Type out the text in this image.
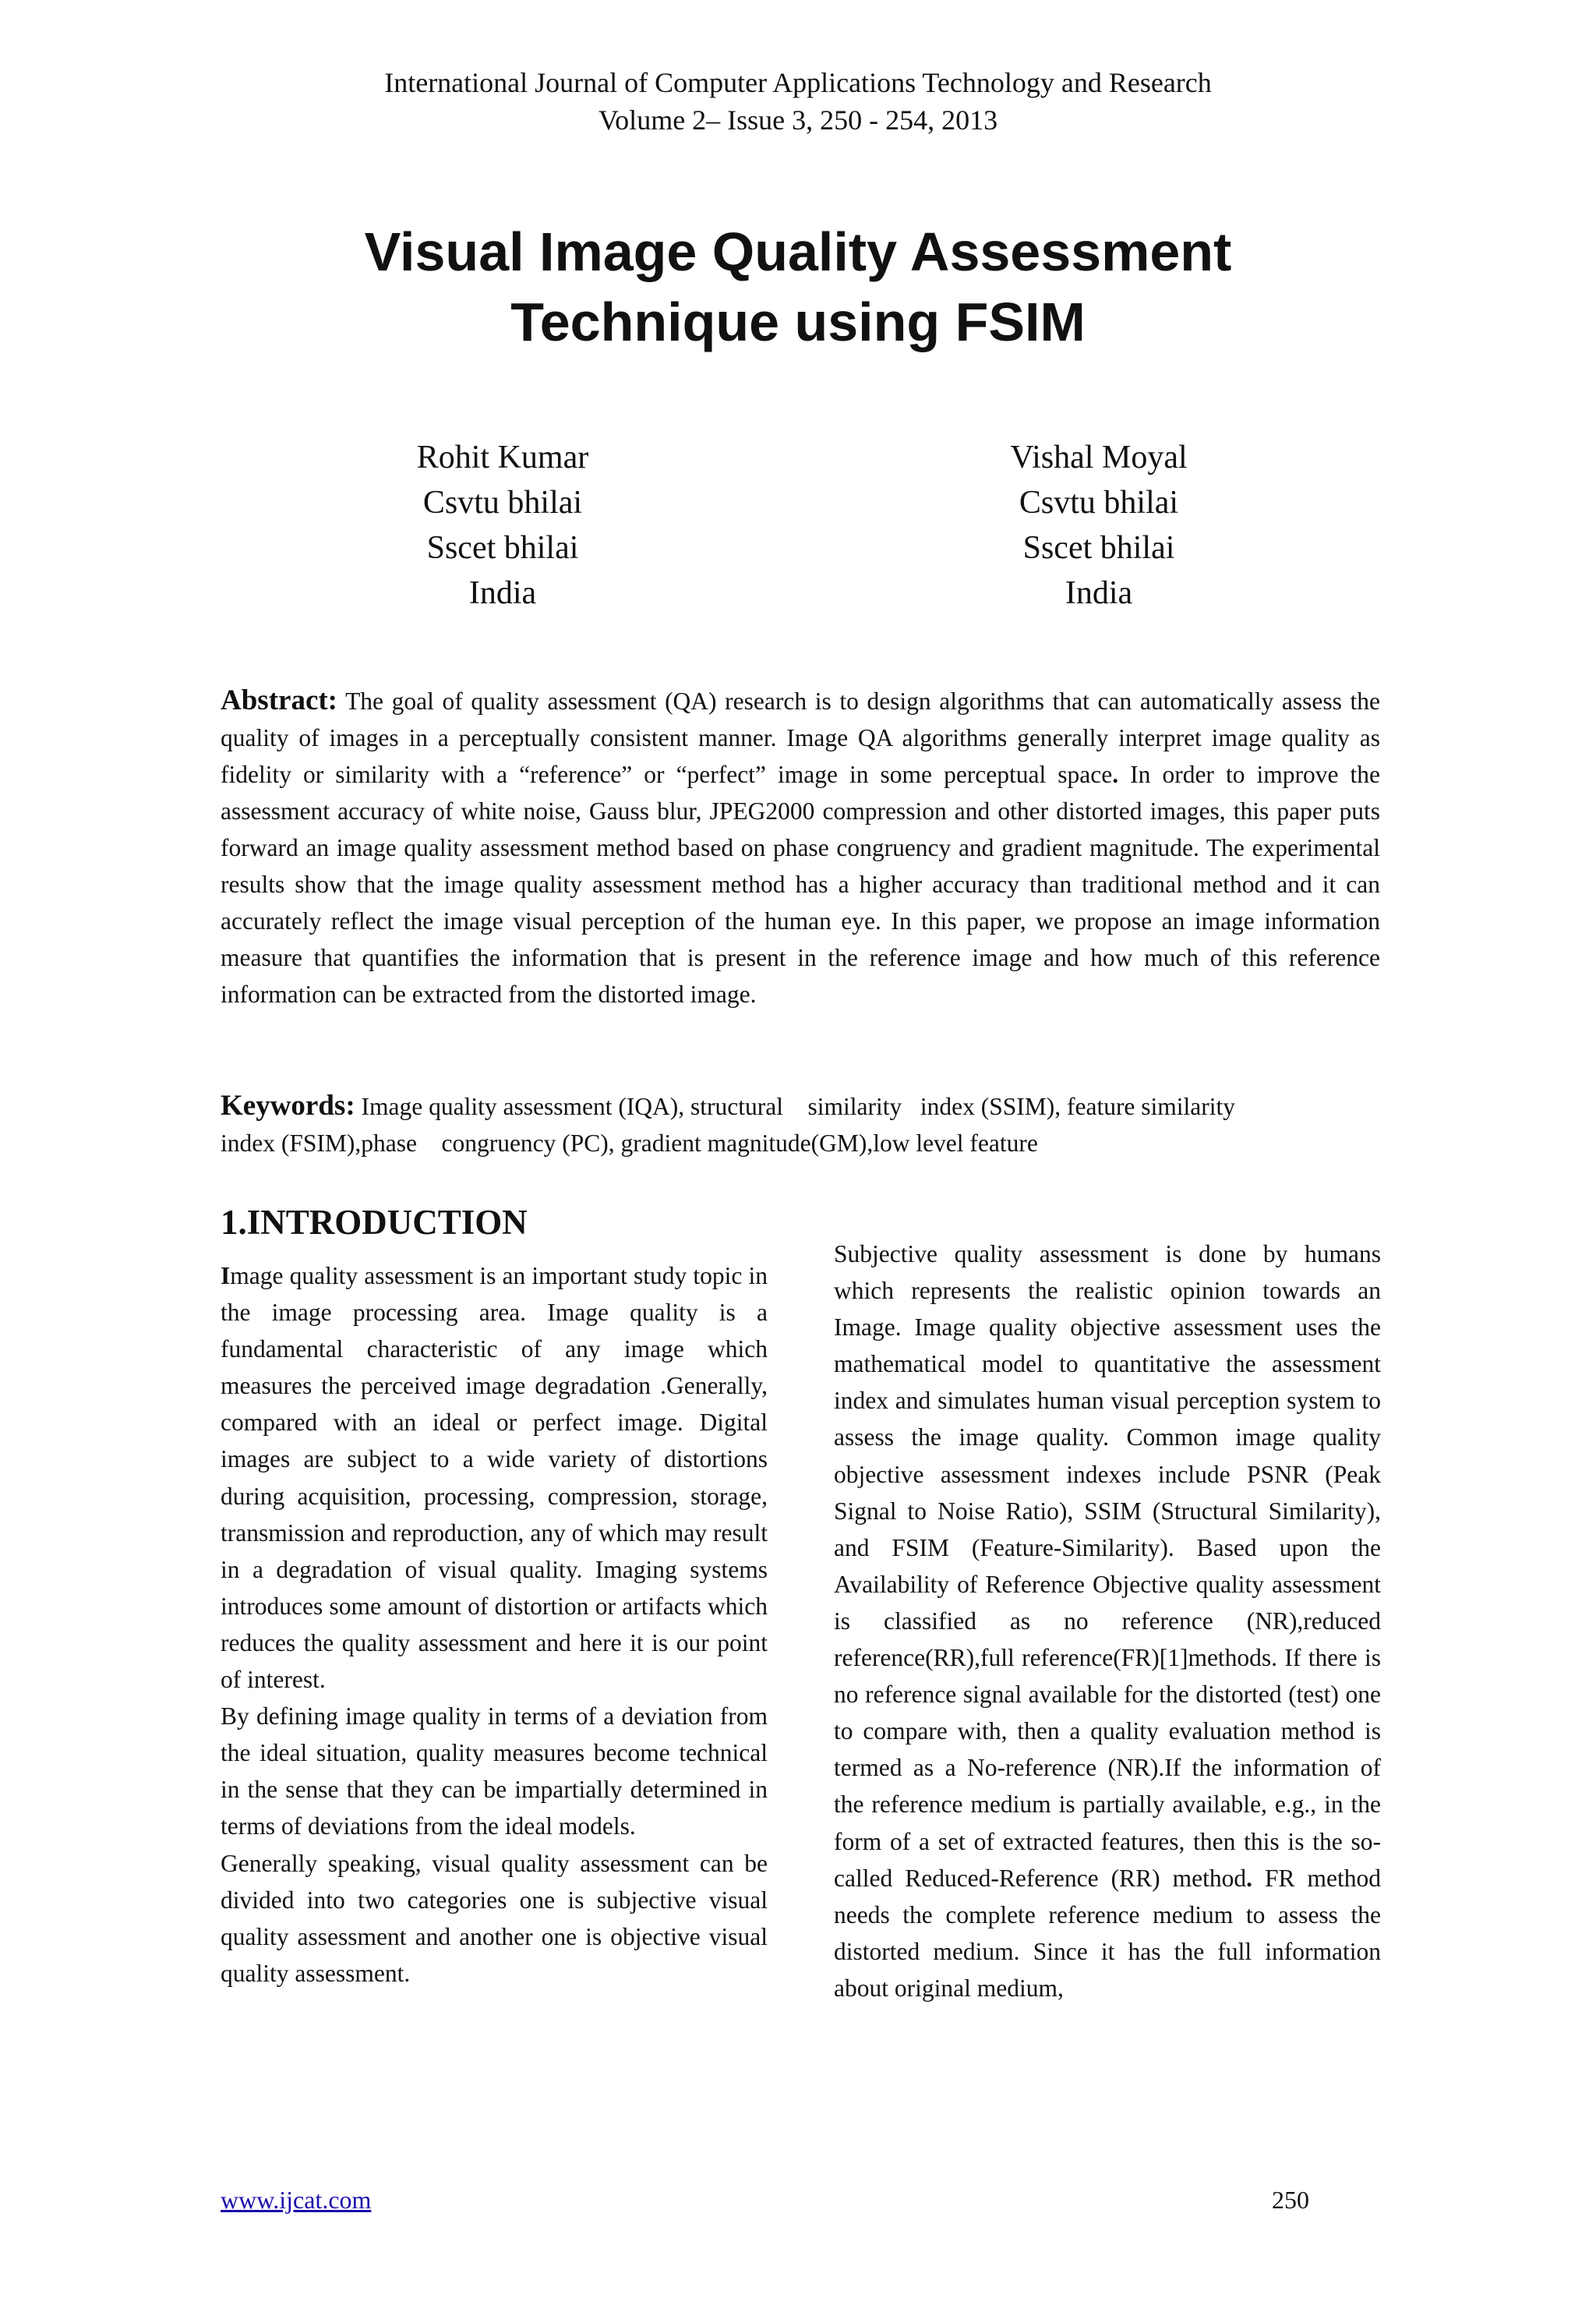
International Journal of Computer Applications Technology and Research
Volume 2– Issue 3, 250 - 254, 2013
Visual Image Quality Assessment
Technique using FSIM
Rohit Kumar
Csvtu bhilai
Sscet bhilai
India
Vishal Moyal
Csvtu bhilai
Sscet bhilai
India
Abstract: The goal of quality assessment (QA) research is to design algorithms that can automatically assess the quality of images in a perceptually consistent manner. Image QA algorithms generally interpret image quality as fidelity or similarity with a “reference” or “perfect” image in some perceptual space. In order to improve the assessment accuracy of white noise, Gauss blur, JPEG2000 compression and other distorted images, this paper puts forward an image quality assessment method based on phase congruency and gradient magnitude. The experimental results show that the image quality assessment method has a higher accuracy than traditional method and it can accurately reflect the image visual perception of the human eye. In this paper, we propose an image information measure that quantifies the information that is present in the reference image and how much of this reference information can be extracted from the distorted image.
Keywords: Image quality assessment (IQA), structural    similarity   index (SSIM), feature similarity
index (FSIM),phase    congruency (PC), gradient magnitude(GM),low level feature
1.INTRODUCTION

Image quality assessment is an important study topic in the image processing area. Image quality is a fundamental characteristic of any image which measures the perceived image degradation .Generally, compared with an ideal or perfect image. Digital images are subject to a wide variety of distortions during acquisition, processing, compression, storage, transmission and reproduction, any of which may result in a degradation of visual quality. Imaging systems introduces some amount of distortion or artifacts which reduces the quality assessment and here it is our point of interest.

By defining image quality in terms of a deviation from the ideal situation, quality measures become technical in the sense that they can be impartially determined in terms of deviations from the ideal models.

Generally speaking, visual quality assessment can be divided into two categories one is subjective visual quality assessment and another one is objective visual quality assessment.

Subjective quality assessment is done by humans which represents the realistic opinion towards an Image. Image quality objective assessment uses the mathematical model to quantitative the assessment index and simulates human visual perception system to assess the image quality. Common image quality objective assessment indexes include PSNR (Peak Signal to Noise Ratio), SSIM (Structural Similarity), and FSIM (Feature-Similarity). Based upon the Availability of Reference Objective quality assessment is classified as no reference (NR),reduced reference(RR),full reference(FR)[1]methods. If there is no reference signal available for the distorted (test) one to compare with, then a quality evaluation method is termed as a No-reference (NR).If the information of the reference medium is partially available, e.g., in the form of a set of extracted features, then this is the so-called Reduced-Reference (RR) method. FR method needs the complete reference medium to assess the distorted medium. Since it has the full information about original medium,

www.ijcat.com	250
